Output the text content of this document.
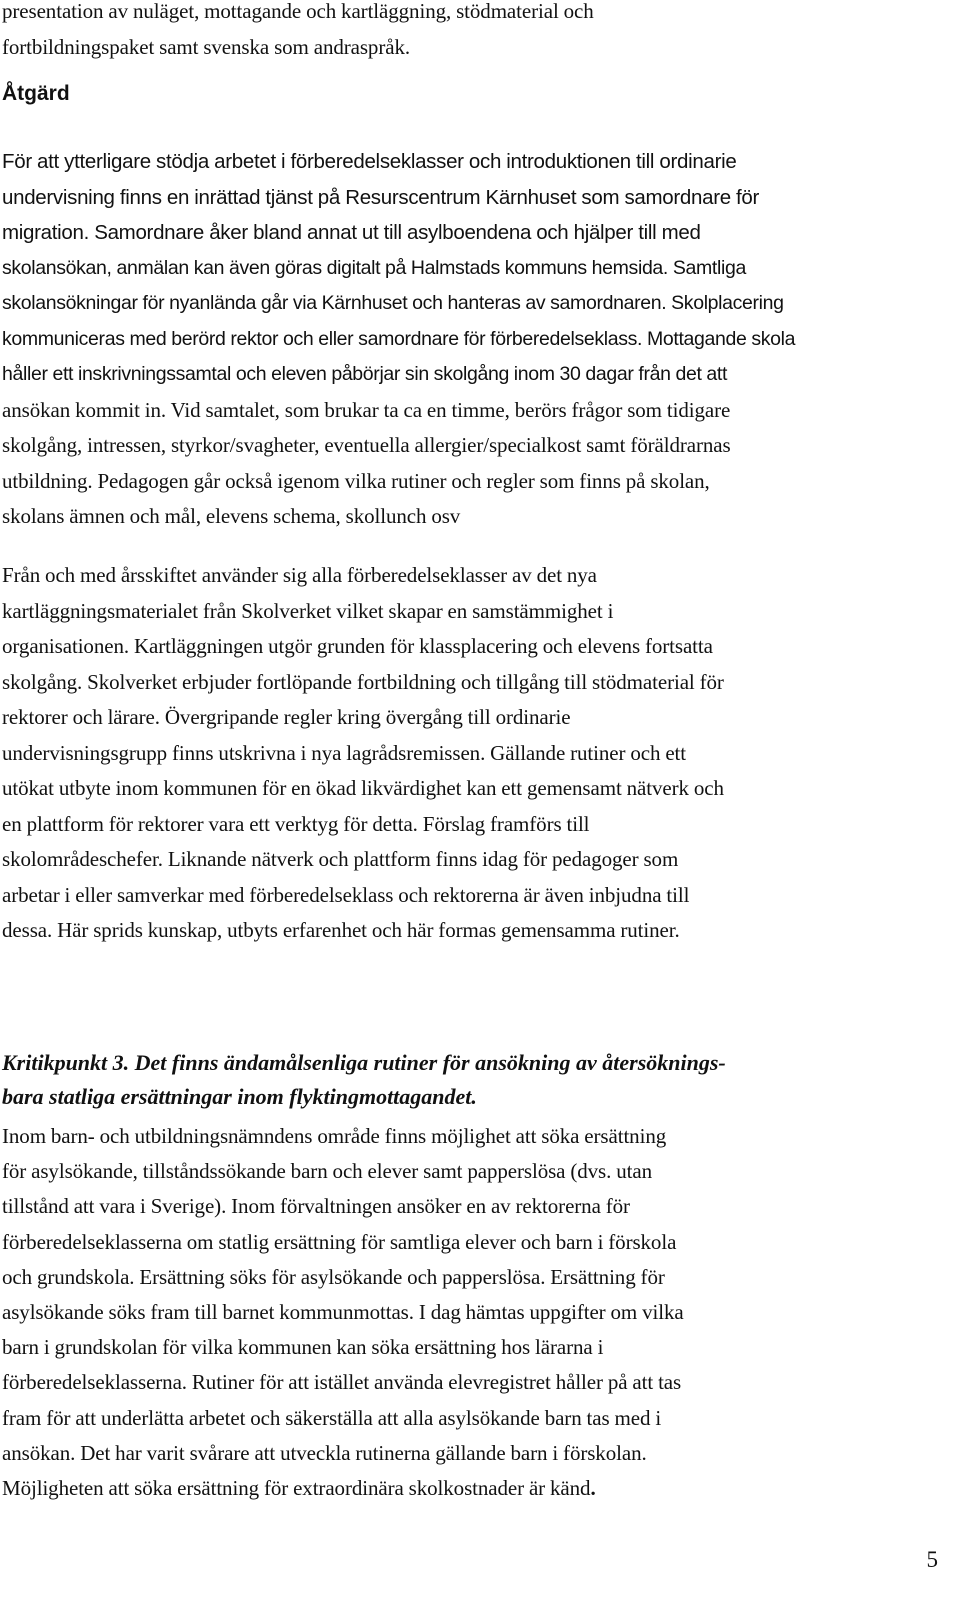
presentation av nuläget, mottagande och kartläggning, stödmaterial och
fortbildningspaket samt svenska som andraspråk.

Åtgärd

För att ytterligare stödja arbetet i förberedelseklasser och introduktionen till ordinarie
undervisning finns en inrättad tjänst på Resurscentrum Kärnhuset som samordnare för
migration. Samordnare åker bland annat ut till asylboendena och hjälper till med
skolansökan, anmälan kan även göras digitalt på Halmstads kommuns hemsida. Samtliga
skolansökningar för nyanlända går via Kärnhuset och hanteras av samordnaren. Skolplacering
kommuniceras med berörd rektor och eller samordnare för förberedelseklass. Mottagande skola
håller ett inskrivningssamtal och eleven påbörjar sin skolgång inom 30 dagar från det att
ansökan kommit in. Vid samtalet, som brukar ta ca en timme, berörs frågor som tidigare
skolgång, intressen, styrkor/svagheter, eventuella allergier/specialkost samt föräldrarnas
utbildning. Pedagogen går också igenom vilka rutiner och regler som finns på skolan,
skolans ämnen och mål, elevens schema, skollunch osv

Från och med årsskiftet använder sig alla förberedelseklasser av det nya
kartläggningsmaterialet från Skolverket vilket skapar en samstämmighet i
organisationen. Kartläggningen utgör grunden för klassplacering och elevens fortsatta
skolgång. Skolverket erbjuder fortlöpande fortbildning och tillgång till stödmaterial för
rektorer och lärare. Övergripande regler kring övergång till ordinarie
undervisningsgrupp finns utskrivna i nya lagrådsremissen. Gällande rutiner och ett
utökat utbyte inom kommunen för en ökad likvärdighet kan ett gemensamt nätverk och
en plattform för rektorer vara ett verktyg för detta. Förslag framförs till
skolområdeschefer. Liknande nätverk och plattform finns idag för pedagoger som
arbetar i eller samverkar med förberedelseklass och rektorerna är även inbjudna till
dessa. Här sprids kunskap, utbyts erfarenhet och här formas gemensamma rutiner.

Kritikpunkt 3. Det finns ändamålsenliga rutiner för ansökning av återsöknings-
bara statliga ersättningar inom flyktingmottagandet.

Inom barn- och utbildningsnämndens område finns möjlighet att söka ersättning
för asylsökande, tillståndssökande barn och elever samt papperslösa (dvs. utan
tillstånd att vara i Sverige). Inom förvaltningen ansöker en av rektorerna för
förberedelseklasserna om statlig ersättning för samtliga elever och barn i förskola
och grundskola. Ersättning söks för asylsökande och papperslösa. Ersättning för
asylsökande söks fram till barnet kommunmottas. I dag hämtas uppgifter om vilka
barn i grundskolan för vilka kommunen kan söka ersättning hos lärarna i
förberedelseklasserna. Rutiner för att istället använda elevregistret håller på att tas
fram för att underlätta arbetet och säkerställa att alla asylsökande barn tas med i
ansökan. Det har varit svårare att utveckla rutinerna gällande barn i förskolan.
Möjligheten att söka ersättning för extraordinära skolkostnader är känd.

5
